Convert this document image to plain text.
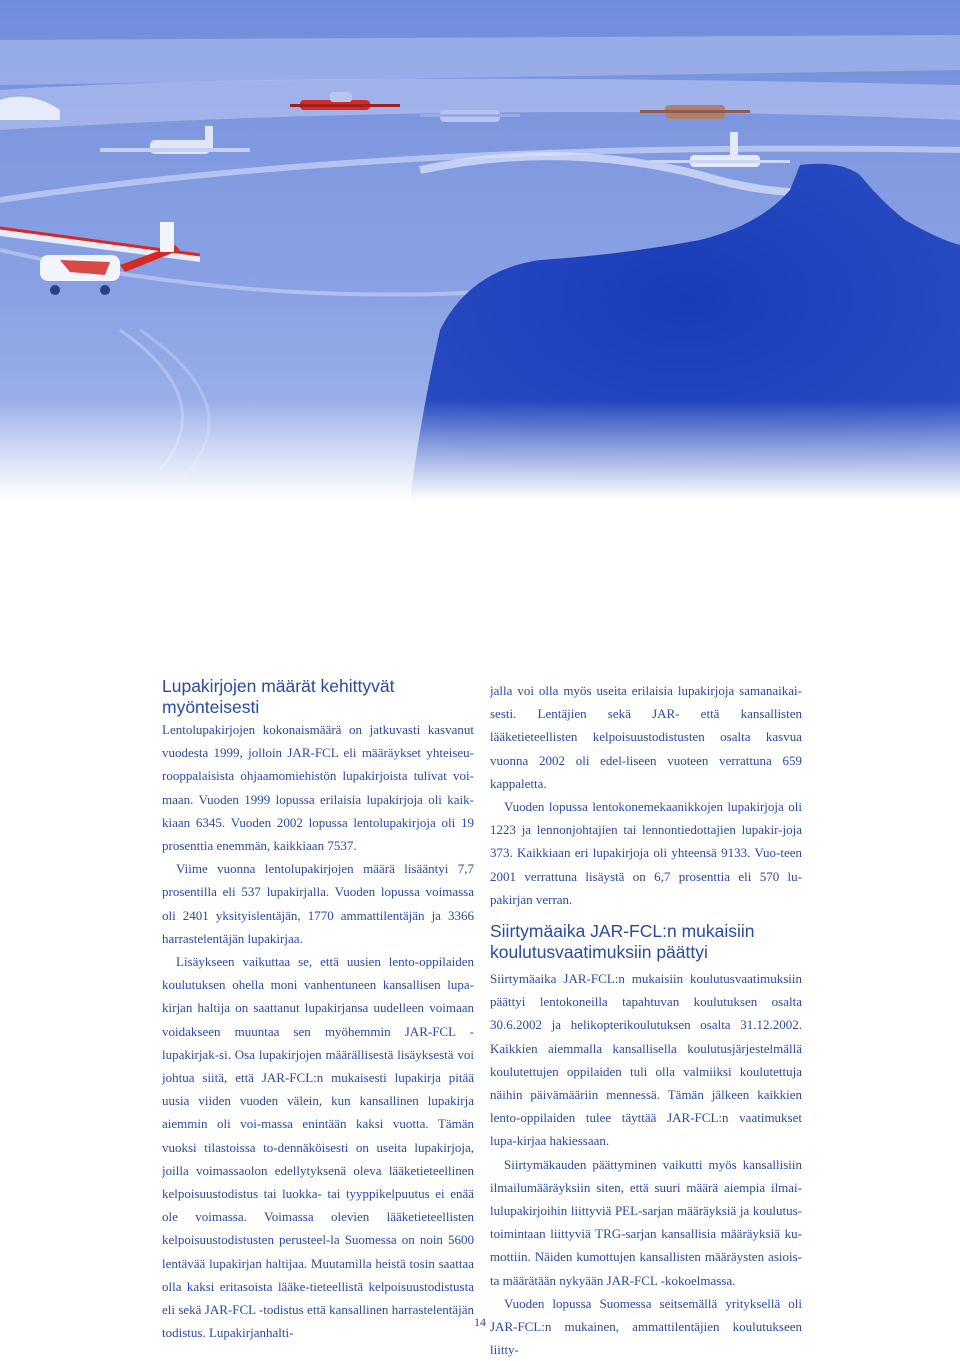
Lupakirjojen määrät kehittyvät myönteisesti

Lentolupakirjojen kokonaismäärä on jatkuvasti kasvanut vuodesta 1999, jolloin JAR-FCL eli määräykset yhteiseu-rooppalaisista ohjaamomiehistön lupakirjoista tulivat voi-maan. Vuoden 1999 lopussa erilaisia lupakirjoja oli kaik-kiaan 6345. Vuoden 2002 lopussa lentolupakirjoja oli 19 prosenttia enemmän, kaikkiaan 7537.

Viime vuonna lentolupakirjojen määrä lisääntyi 7,7 prosentilla eli 537 lupakirjalla. Vuoden lopussa voimassa oli 2401 yksityislentäjän, 1770 ammattilentäjän ja 3366 harrastelentäjän lupakirjaa.

Lisäykseen vaikuttaa se, että uusien lento-oppilaiden koulutuksen ohella moni vanhentuneen kansallisen lupa-kirjan haltija on saattanut lupakirjansa uudelleen voimaan voidakseen muuntaa sen myöhemmin JAR-FCL -lupakirjak-si. Osa lupakirjojen määrällisestä lisäyksestä voi johtua siitä, että JAR-FCL:n mukaisesti lupakirja pitää uusia viiden vuoden välein, kun kansallinen lupakirja aiemmin oli voi-massa enintään kaksi vuotta. Tämän vuoksi tilastoissa to-dennäköisesti on useita lupakirjoja, joilla voimassaolon edellytyksenä oleva lääketieteellinen kelpoisuustodistus tai luokka- tai tyyppikelpuutus ei enää ole voimassa. Voimassa olevien lääketieteellisten kelpoisuustodistusten perusteel-la Suomessa on noin 5600 lentävää lupakirjan haltijaa. Muutamilla heistä tosin saattaa olla kaksi eritasoista lääke-tieteellistä kelpoisuustodistusta eli sekä JAR-FCL -todistus että kansallinen harrastelentäjän todistus. Lupakirjanhalti-

jalla voi olla myös useita erilaisia lupakirjoja samanaikai-sesti. Lentäjien sekä JAR- että kansallisten lääketieteellisten kelpoisuustodistusten osalta kasvua vuonna 2002 oli edel-liseen vuoteen verrattuna 659 kappaletta.

Vuoden lopussa lentokonemekaanikkojen lupakirjoja oli 1223 ja lennonjohtajien tai lennontiedottajien lupakir-joja 373. Kaikkiaan eri lupakirjoja oli yhteensä 9133. Vuo-teen 2001 verrattuna lisäystä on 6,7 prosenttia eli 570 lu-pakirjan verran.

Siirtymäaika JAR-FCL:n mukaisiin koulutusvaatimuksiin päättyi

Siirtymäaika JAR-FCL:n mukaisiin koulutusvaatimuksiin päättyi lentokoneilla tapahtuvan koulutuksen osalta 30.6.2002 ja helikopterikoulutuksen osalta 31.12.2002. Kaikkien aiemmalla kansallisella koulutusjärjestelmällä koulutettujen oppilaiden tuli olla valmiiksi koulutettuja näihin päivämääriin mennessä. Tämän jälkeen kaikkien lento-oppilaiden tulee täyttää JAR-FCL:n vaatimukset lupa-kirjaa hakiessaan.

Siirtymäkauden päättyminen vaikutti myös kansallisiin ilmailumääräyksiin siten, että suuri määrä aiempia ilmai-lulupakirjoihin liittyviä PEL-sarjan määräyksiä ja koulutus-toimintaan liittyviä TRG-sarjan kansallisia määräyksiä ku-mottiin. Näiden kumottujen kansallisten määräysten asiois-ta määrätään nykyään JAR-FCL -kokoelmassa.

Vuoden lopussa Suomessa seitsemällä yrityksellä oli JAR-FCL:n mukainen, ammattilentäjien koulutukseen liitty-

14
